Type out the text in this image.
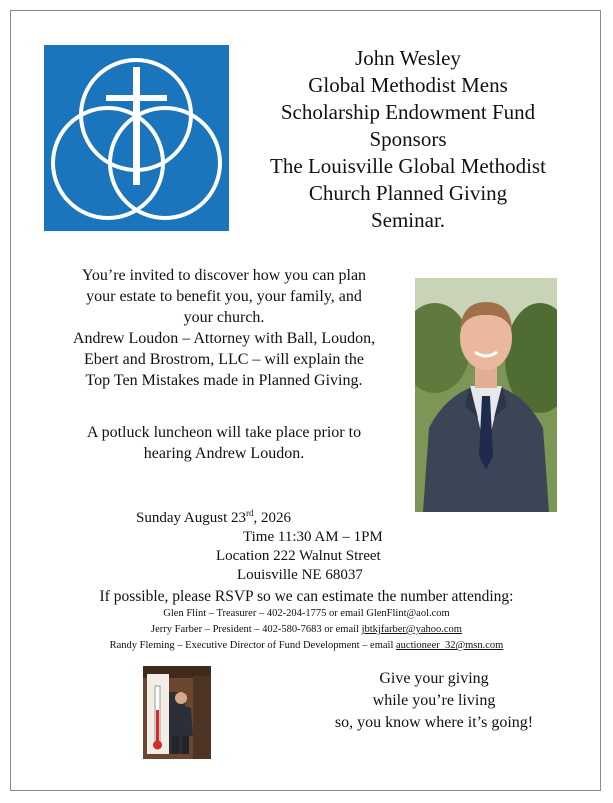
John Wesley
Global Methodist Mens
Scholarship Endowment Fund
Sponsors
The Louisville Global Methodist
Church Planned Giving
Seminar.
You’re invited to discover how you can plan
your estate to benefit you, your family, and
your church.
Andrew Loudon – Attorney with Ball, Loudon,
Ebert and Brostrom, LLC – will explain the
Top Ten Mistakes made in Planned Giving.
A potluck luncheon will take place prior to
hearing Andrew Loudon.
Sunday August 23rd, 2026
Time 11:30 AM – 1PM
Location 222 Walnut Street
Louisville NE 68037
If possible, please RSVP so we can estimate the number attending:
Glen Flint – Treasurer – 402-204-1775 or email GlenFlint@aol.com
Jerry Farber – President – 402-580-7683 or email jbtkjfarber@yahoo.com
Randy Fleming – Executive Director of Fund Development – email auctioneer_32@msn.com
Give your giving
while you’re living
so, you know where it’s going!
